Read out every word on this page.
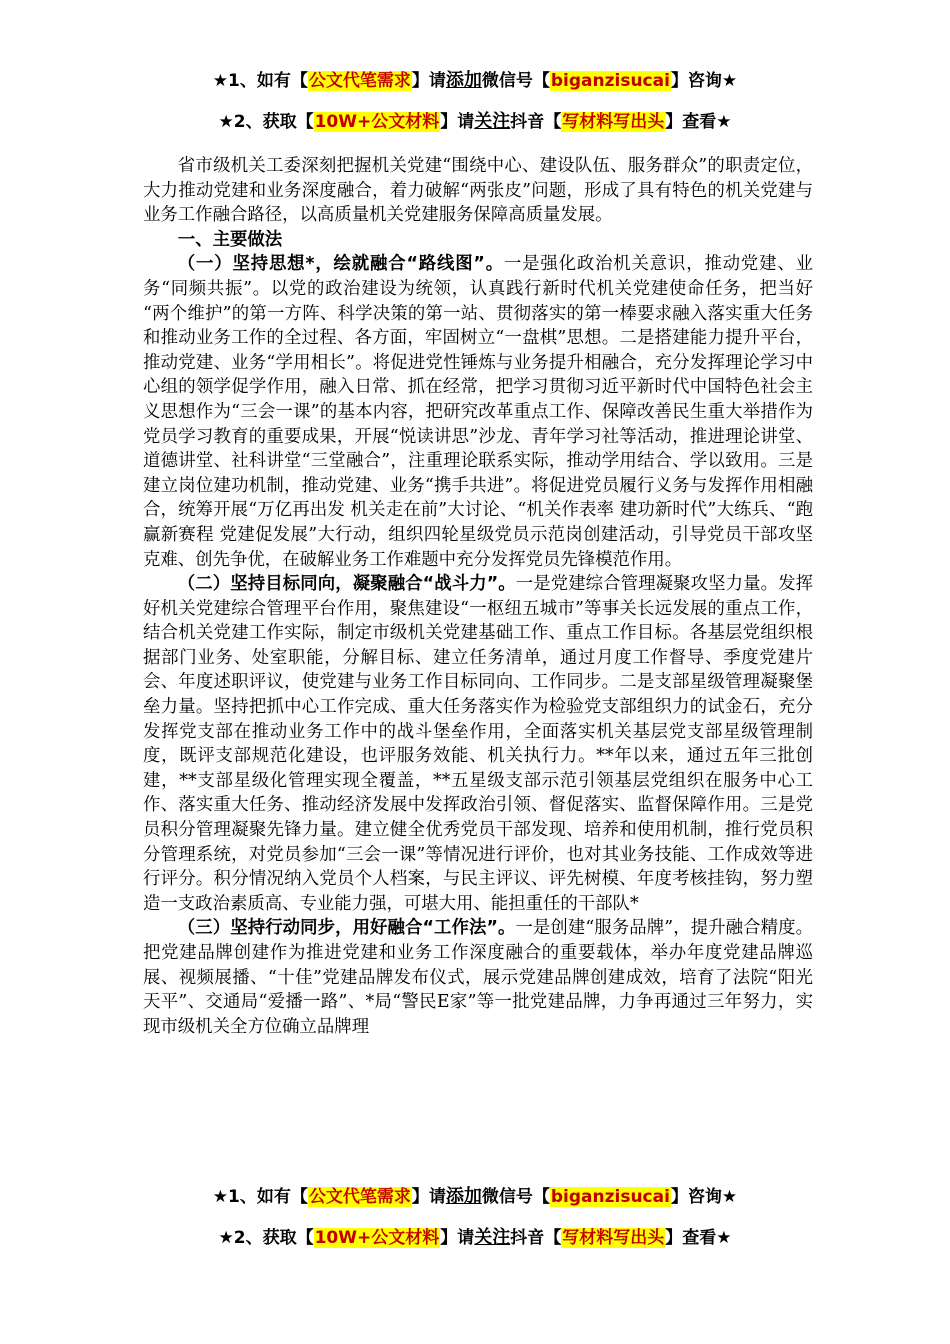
★1、如有【公文代笔需求】请添加微信号【biganzisucai】咨询★
★2、获取【10W+公文材料】请关注抖音【写材料写出头】查看★

省市级机关工委深刻把握机关党建“围绕中心、建设队伍、服务群众”的职责定位，大力推动党建和业务深度融合，着力破解“两张皮”问题，形成了具有特色的机关党建与业务工作融合路径，以高质量机关党建服务保障高质量发展。

一、主要做法

（一）坚持思想*，绘就融合“路线图”。一是强化政治机关意识，推动党建、业务“同频共振”。以党的政治建设为统领，认真践行新时代机关党建使命任务，把当好 “两个维护”的第一方阵、科学决策的第一站、贯彻落实的第一棒要求融入落实重大任务和推动业务工作的全过程、各方面，牢固树立“一盘棋”思想。二是搭建能力提升平台，推动党建、业务“学用相长”。将促进党性锤炼与业务提升相融合，充分发挥理论学习中心组的领学促学作用，融入日常、抓在经常，把学习贯彻习近平新时代中国特色社会主义思想作为“三会一课”的基本内容，把研究改革重点工作、保障改善民生重大举措作为党员学习教育的重要成果，开展“悦读讲思”沙龙、青年学习社等活动，推进理论讲堂、道德讲堂、社科讲堂“三堂融合”，注重理论联系实际，推动学用结合、学以致用。三是建立岗位建功机制，推动党建、业务“携手共进”。将促进党员履行义务与发挥作用相融合，统筹开展“万亿再出发 机关走在前”大讨论、“机关作表率 建功新时代”大练兵、“跑赢新赛程 党建促发展”大行动，组织四轮星级党员示范岗创建活动，引导党员干部攻坚克难、创先争优，在破解业务工作难题中充分发挥党员先锋模范作用。

（二）坚持目标同向，凝聚融合“战斗力”。一是党建综合管理凝聚攻坚力量。发挥好机关党建综合管理平台作用，聚焦建设“一枢纽五城市”等事关长远发展的重点工作，结合机关党建工作实际，制定市级机关党建基础工作、重点工作目标。各基层党组织根据部门业务、处室职能，分解目标、建立任务清单，通过月度工作督导、季度党建片会、年度述职评议，使党建与业务工作目标同向、工作同步。二是支部星级管理凝聚堡垒力量。坚持把抓中心工作完成、重大任务落实作为检验党支部组织力的试金石，充分发挥党支部在推动业务工作中的战斗堡垒作用，全面落实机关基层党支部星级管理制度，既评支部规范化建设，也评服务效能、机关执行力。**年以来，通过五年三批创建，**支部星级化管理实现全覆盖，**五星级支部示范引领基层党组织在服务中心工作、落实重大任务、推动经济发展中发挥政治引领、督促落实、监督保障作用。三是党员积分管理凝聚先锋力量。建立健全优秀党员干部发现、培养和使用机制，推行党员积分管理系统，对党员参加“三会一课”等情况进行评价，也对其业务技能、工作成效等进行评分。积分情况纳入党员个人档案，与民主评议、评先树模、年度考核挂钩，努力塑造一支政治素质高、专业能力强，可堪大用、能担重任的干部队*

（三）坚持行动同步，用好融合“工作法”。一是创建“服务品牌”，提升融合精度。把党建品牌创建作为推进党建和业务工作深度融合的重要载体，举办年度党建品牌巡展、视频展播、“十佳”党建品牌发布仪式，展示党建品牌创建成效，培育了法院“阳光天平”、交通局“爱播一路”、*局“警民E家”等一批党建品牌，力争再通过三年努力，实现市级机关全方位确立品牌理

★1、如有【公文代笔需求】请添加微信号【biganzisucai】咨询★
★2、获取【10W+公文材料】请关注抖音【写材料写出头】查看★
